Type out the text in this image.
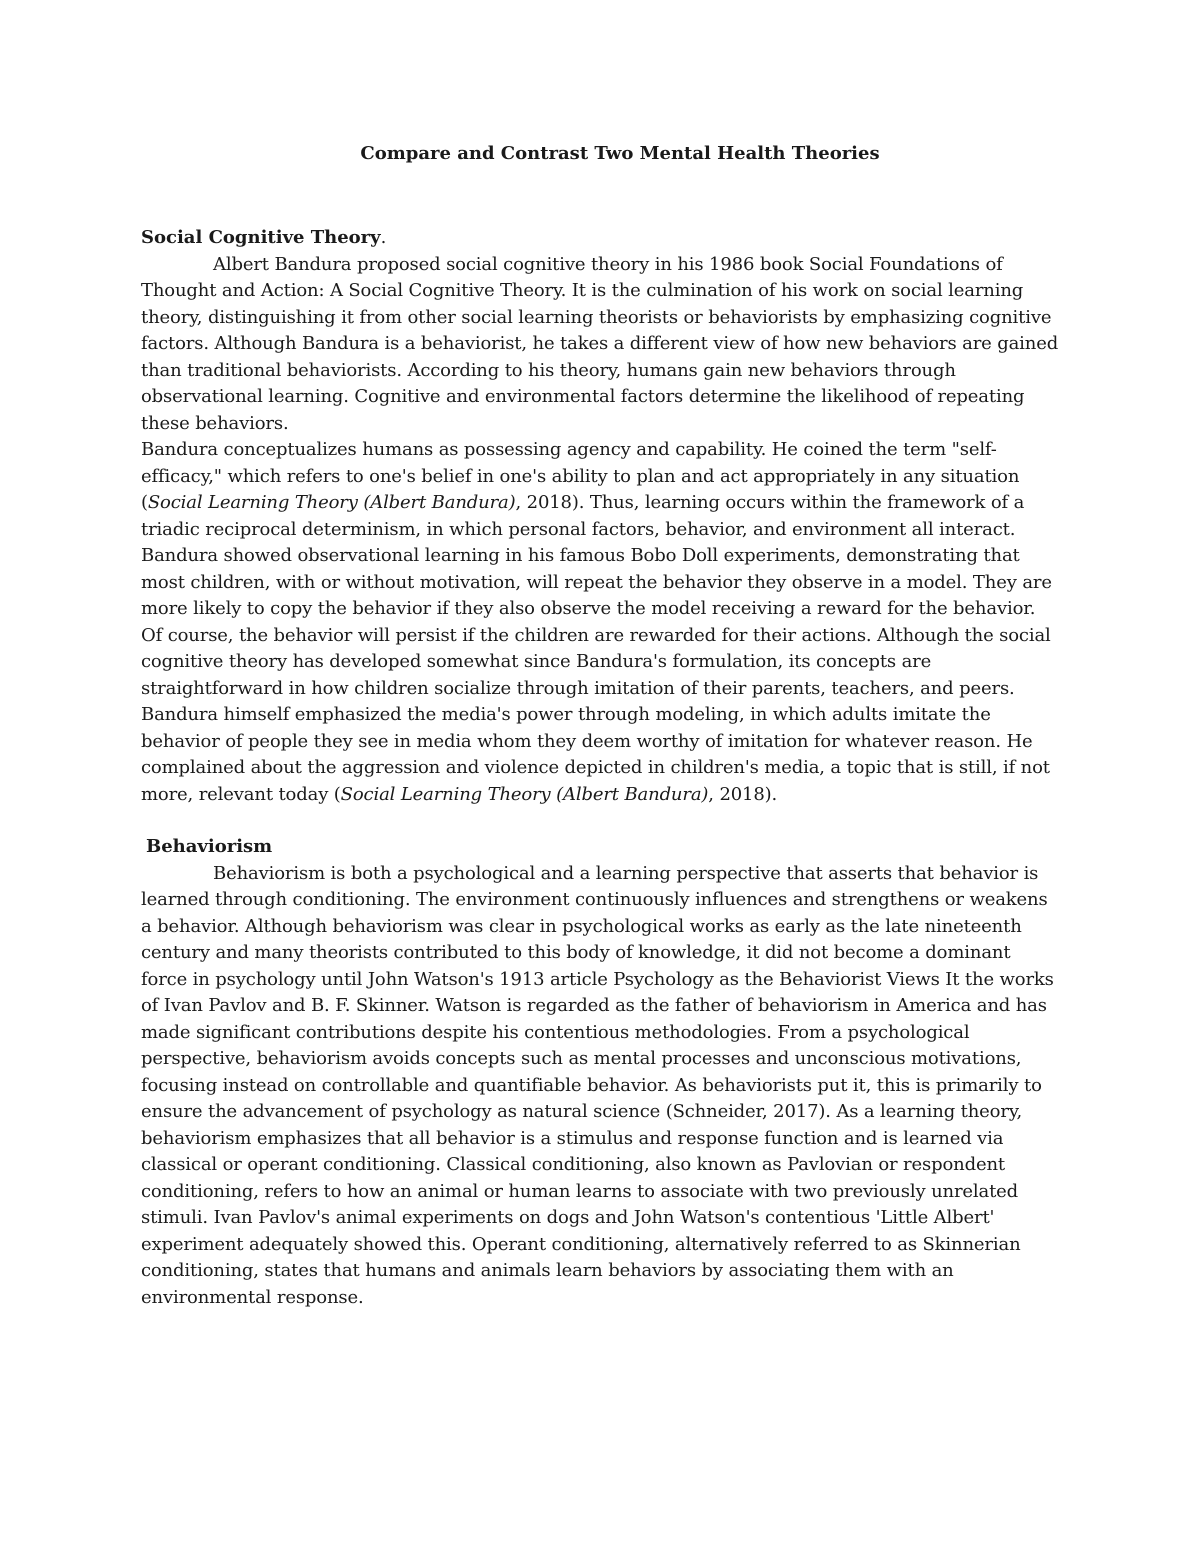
Compare and Contrast Two Mental Health Theories
Social Cognitive Theory.

Albert Bandura proposed social cognitive theory in his 1986 book Social Foundations of Thought and Action: A Social Cognitive Theory. It is the culmination of his work on social learning theory, distinguishing it from other social learning theorists or behaviorists by emphasizing cognitive factors. Although Bandura is a behaviorist, he takes a different view of how new behaviors are gained than traditional behaviorists. According to his theory, humans gain new behaviors through observational learning. Cognitive and environmental factors determine the likelihood of repeating these behaviors.

Bandura conceptualizes humans as possessing agency and capability. He coined the term "self-efficacy," which refers to one's belief in one's ability to plan and act appropriately in any situation (Social Learning Theory (Albert Bandura), 2018). Thus, learning occurs within the framework of a triadic reciprocal determinism, in which personal factors, behavior, and environment all interact. Bandura showed observational learning in his famous Bobo Doll experiments, demonstrating that most children, with or without motivation, will repeat the behavior they observe in a model. They are more likely to copy the behavior if they also observe the model receiving a reward for the behavior. Of course, the behavior will persist if the children are rewarded for their actions. Although the social cognitive theory has developed somewhat since Bandura's formulation, its concepts are straightforward in how children socialize through imitation of their parents, teachers, and peers. Bandura himself emphasized the media's power through modeling, in which adults imitate the behavior of people they see in media whom they deem worthy of imitation for whatever reason. He complained about the aggression and violence depicted in children's media, a topic that is still, if not more, relevant today (Social Learning Theory (Albert Bandura), 2018).

Behaviorism

Behaviorism is both a psychological and a learning perspective that asserts that behavior is learned through conditioning. The environment continuously influences and strengthens or weakens a behavior. Although behaviorism was clear in psychological works as early as the late nineteenth century and many theorists contributed to this body of knowledge, it did not become a dominant force in psychology until John Watson's 1913 article Psychology as the Behaviorist Views It the works of Ivan Pavlov and B. F. Skinner. Watson is regarded as the father of behaviorism in America and has made significant contributions despite his contentious methodologies. From a psychological perspective, behaviorism avoids concepts such as mental processes and unconscious motivations, focusing instead on controllable and quantifiable behavior. As behaviorists put it, this is primarily to ensure the advancement of psychology as natural science (Schneider, 2017). As a learning theory, behaviorism emphasizes that all behavior is a stimulus and response function and is learned via classical or operant conditioning. Classical conditioning, also known as Pavlovian or respondent conditioning, refers to how an animal or human learns to associate with two previously unrelated stimuli. Ivan Pavlov's animal experiments on dogs and John Watson's contentious 'Little Albert' experiment adequately showed this. Operant conditioning, alternatively referred to as Skinnerian conditioning, states that humans and animals learn behaviors by associating them with an environmental response.
